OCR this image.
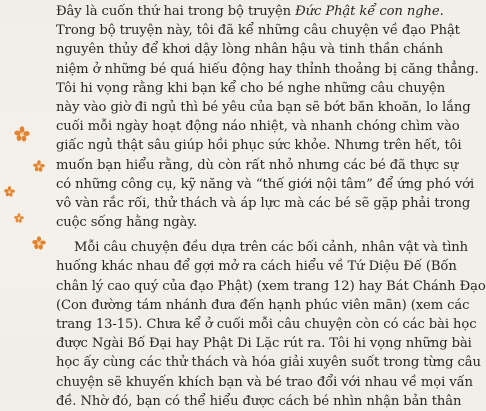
Đây là cuốn thứ hai trong bộ truyện Đức Phật kể con nghe.
Trong bộ truyện này, tôi đã kể những câu chuyện về đạo Phật
nguyên thủy để khơi dậy lòng nhân hậu và tinh thần chánh
niệm ở những bé quá hiếu động hay thỉnh thoảng bị căng thẳng.
Tôi hi vọng rằng khi bạn kể cho bé nghe những câu chuyện
này vào giờ đi ngủ thì bé yêu của bạn sẽ bớt băn khoăn, lo lắng
cuối mỗi ngày hoạt động náo nhiệt, và nhanh chóng chìm vào
giấc ngủ thật sâu giúp hồi phục sức khỏe. Nhưng trên hết, tôi
muốn bạn hiểu rằng, dù còn rất nhỏ nhưng các bé đã thực sự
có những công cụ, kỹ năng và “thế giới nội tâm” để ứng phó với
vô vàn rắc rối, thử thách và áp lực mà các bé sẽ gặp phải trong
cuộc sống hằng ngày.
Mỗi câu chuyện đều dựa trên các bối cảnh, nhân vật và tình
huống khác nhau để gợi mở ra cách hiểu về Tứ Diệu Đế (Bốn
chân lý cao quý của đạo Phật) (xem trang 12) hay Bát Chánh Đạo
(Con đường tám nhánh đưa đến hạnh phúc viên mãn) (xem các
trang 13-15). Chưa kể ở cuối mỗi câu chuyện còn có các bài học
được Ngài Bố Đại hay Phật Di Lặc rút ra. Tôi hi vọng những bài
học ấy cùng các thử thách và hóa giải xuyên suốt trong từng câu
chuyện sẽ khuyến khích bạn và bé trao đổi với nhau về mọi vấn
đề. Nhờ đó, bạn có thể hiểu được cách bé nhìn nhận bản thân
